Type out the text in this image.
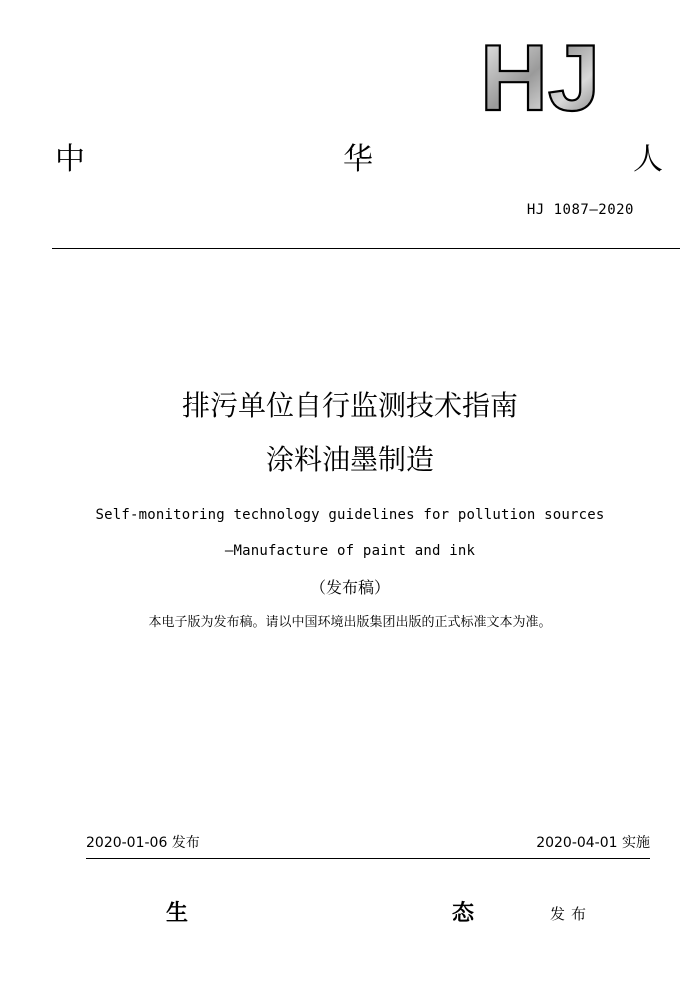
HJ
中	华	人
HJ 1087—2020
排污单位自行监测技术指南
涂料油墨制造
Self-monitoring technology guidelines for pollution sources
—Manufacture of paint and ink
（发布稿）
本电子版为发布稿。请以中国环境出版集团出版的正式标准文本为准。
2020-01-06 发布	2020-04-01 实施
生	态	发布
